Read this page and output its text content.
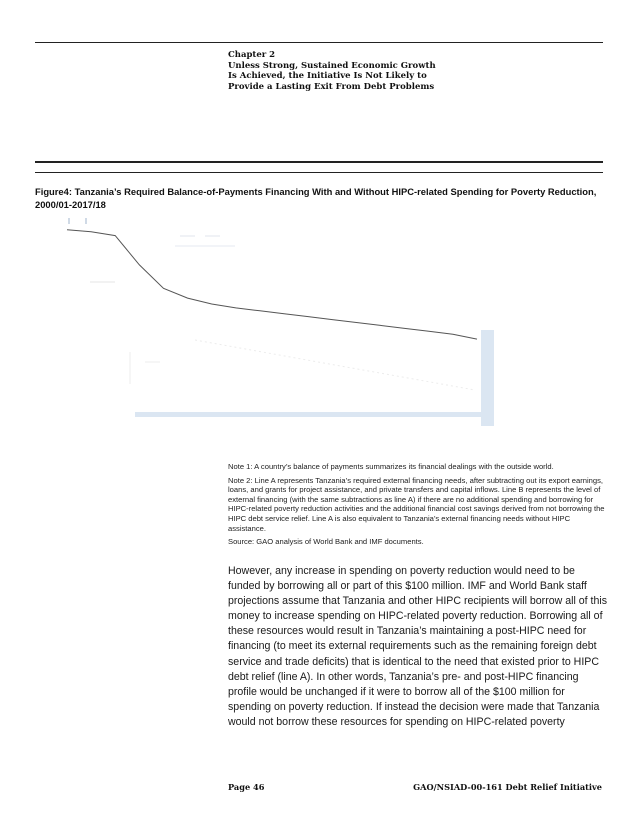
Chapter 2
Unless Strong, Sustained Economic Growth
Is Achieved, the Initiative Is Not Likely to
Provide a Lasting Exit From Debt Problems
Figure4: Tanzania’s Required Balance-of-Payments Financing With and Without HIPC-related Spending for Poverty Reduction, 2000/01-2017/18

Note 1: A country’s balance of payments summarizes its financial dealings with the outside world.

Note 2: Line A represents Tanzania’s required external financing needs, after subtracting out its export earnings, loans, and grants for project assistance, and private transfers and capital inflows. Line B represents the level of external financing (with the same subtractions as line A) if there are no additional spending and borrowing for HIPC-related poverty reduction activities and the additional financial cost savings derived from not borrowing the HIPC debt service relief. Line A is also equivalent to Tanzania’s external financing needs without HIPC assistance.

Source: GAO analysis of World Bank and IMF documents.

However, any increase in spending on poverty reduction would need to be funded by borrowing all or part of this $100 million. IMF and World Bank staff projections assume that Tanzania and other HIPC recipients will borrow all of this money to increase spending on HIPC-related poverty reduction. Borrowing all of these resources would result in Tanzania’s maintaining a post-HIPC need for financing (to meet its external requirements such as the remaining foreign debt service and trade deficits) that is identical to the need that existed prior to HIPC debt relief (line A). In other words, Tanzania’s pre- and post-HIPC financing profile would be unchanged if it were to borrow all of the $100 million for spending on poverty reduction. If instead the decision were made that Tanzania would not borrow these resources for spending on HIPC-related poverty
Page 46	GAO/NSIAD-00-161 Debt Relief Initiative
